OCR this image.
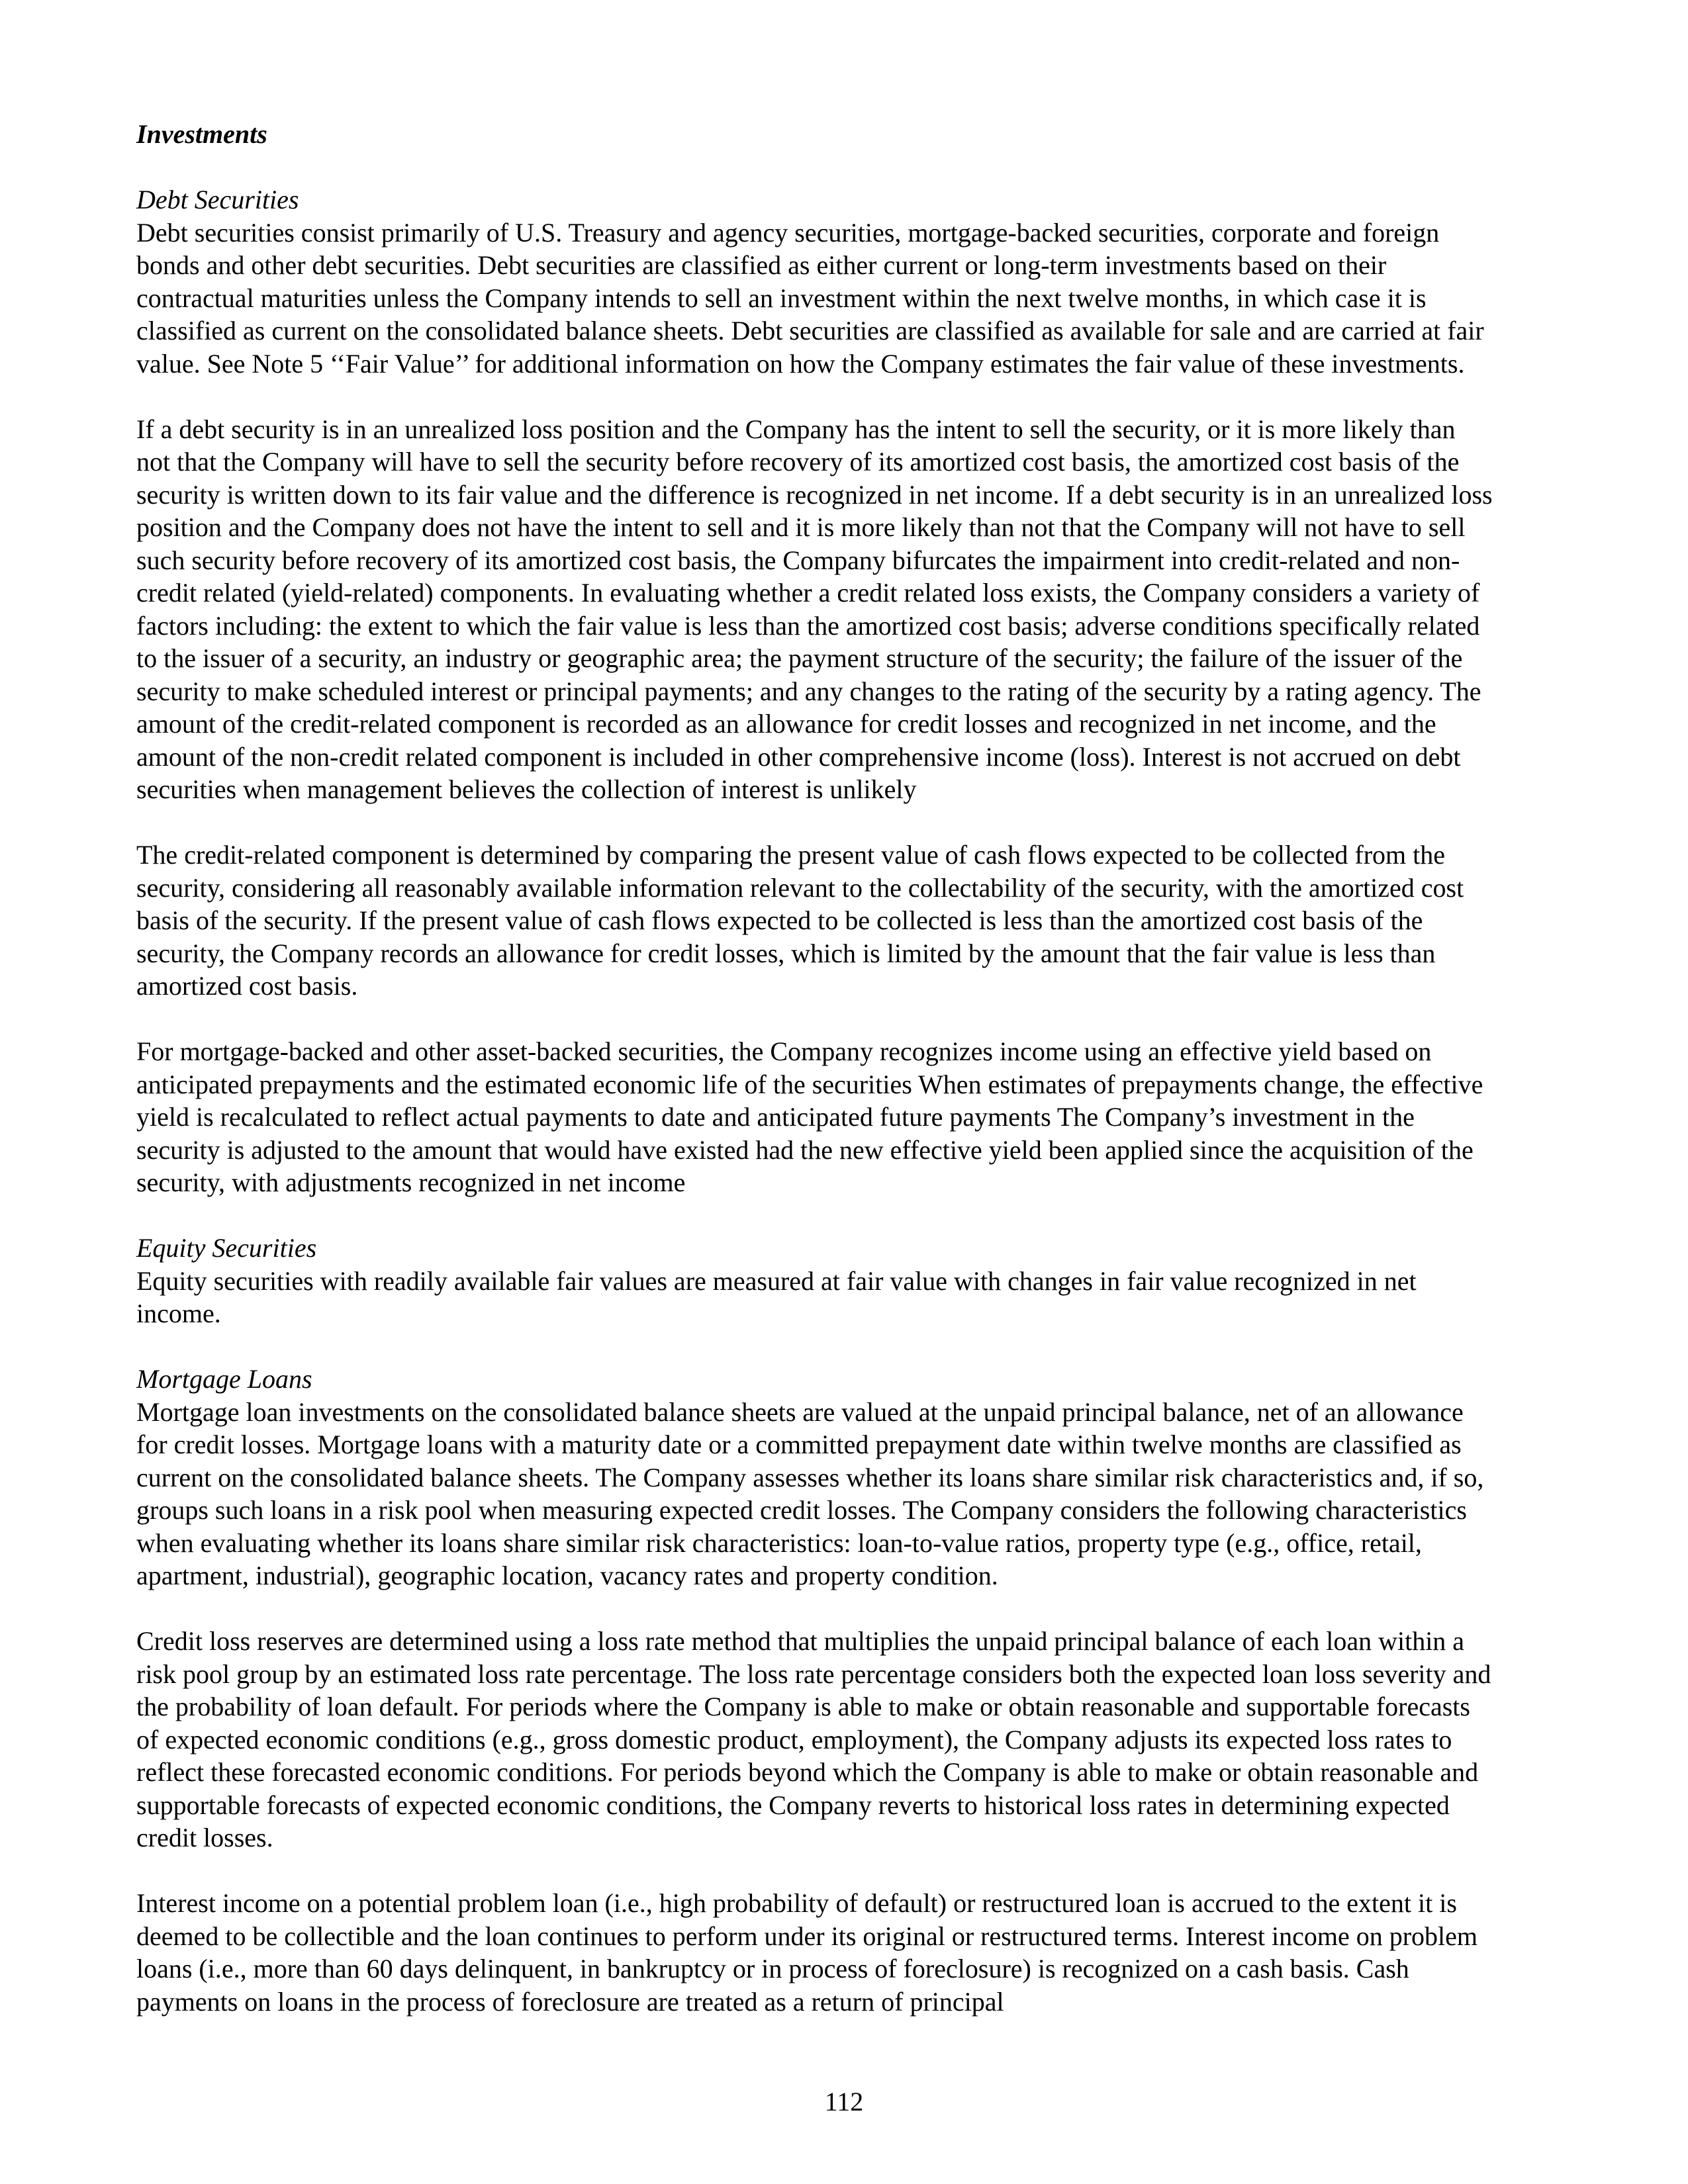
Investments

Debt Securities

Debt securities consist primarily of U.S. Treasury and agency securities, mortgage-backed securities, corporate and foreign
bonds and other debt securities. Debt securities are classified as either current or long-term investments based on their
contractual maturities unless the Company intends to sell an investment within the next twelve months, in which case it is
classified as current on the consolidated balance sheets. Debt securities are classified as available for sale and are carried at fair
value. See Note 5 ‘‘Fair Value’’ for additional information on how the Company estimates the fair value of these investments.

If a debt security is in an unrealized loss position and the Company has the intent to sell the security, or it is more likely than
not that the Company will have to sell the security before recovery of its amortized cost basis, the amortized cost basis of the
security is written down to its fair value and the difference is recognized in net income. If a debt security is in an unrealized loss
position and the Company does not have the intent to sell and it is more likely than not that the Company will not have to sell
such security before recovery of its amortized cost basis, the Company bifurcates the impairment into credit-related and non-
credit related (yield-related) components. In evaluating whether a credit related loss exists, the Company considers a variety of
factors including: the extent to which the fair value is less than the amortized cost basis; adverse conditions specifically related
to the issuer of a security, an industry or geographic area; the payment structure of the security; the failure of the issuer of the
security to make scheduled interest or principal payments; and any changes to the rating of the security by a rating agency. The
amount of the credit-related component is recorded as an allowance for credit losses and recognized in net income, and the
amount of the non-credit related component is included in other comprehensive income (loss). Interest is not accrued on debt
securities when management believes the collection of interest is unlikely

The credit-related component is determined by comparing the present value of cash flows expected to be collected from the
security, considering all reasonably available information relevant to the collectability of the security, with the amortized cost
basis of the security. If the present value of cash flows expected to be collected is less than the amortized cost basis of the
security, the Company records an allowance for credit losses, which is limited by the amount that the fair value is less than
amortized cost basis.

For mortgage-backed and other asset-backed securities, the Company recognizes income using an effective yield based on
anticipated prepayments and the estimated economic life of the securities When estimates of prepayments change, the effective
yield is recalculated to reflect actual payments to date and anticipated future payments The Company’s investment in the
security is adjusted to the amount that would have existed had the new effective yield been applied since the acquisition of the
security, with adjustments recognized in net income

Equity Securities

Equity securities with readily available fair values are measured at fair value with changes in fair value recognized in net
income.

Mortgage Loans

Mortgage loan investments on the consolidated balance sheets are valued at the unpaid principal balance, net of an allowance
for credit losses. Mortgage loans with a maturity date or a committed prepayment date within twelve months are classified as
current on the consolidated balance sheets. The Company assesses whether its loans share similar risk characteristics and, if so,
groups such loans in a risk pool when measuring expected credit losses. The Company considers the following characteristics
when evaluating whether its loans share similar risk characteristics: loan-to-value ratios, property type (e.g., office, retail,
apartment, industrial), geographic location, vacancy rates and property condition.

Credit loss reserves are determined using a loss rate method that multiplies the unpaid principal balance of each loan within a
risk pool group by an estimated loss rate percentage. The loss rate percentage considers both the expected loan loss severity and
the probability of loan default. For periods where the Company is able to make or obtain reasonable and supportable forecasts
of expected economic conditions (e.g., gross domestic product, employment), the Company adjusts its expected loss rates to
reflect these forecasted economic conditions. For periods beyond which the Company is able to make or obtain reasonable and
supportable forecasts of expected economic conditions, the Company reverts to historical loss rates in determining expected
credit losses.

Interest income on a potential problem loan (i.e., high probability of default) or restructured loan is accrued to the extent it is
deemed to be collectible and the loan continues to perform under its original or restructured terms. Interest income on problem
loans (i.e., more than 60 days delinquent, in bankruptcy or in process of foreclosure) is recognized on a cash basis. Cash
payments on loans in the process of foreclosure are treated as a return of principal

112
